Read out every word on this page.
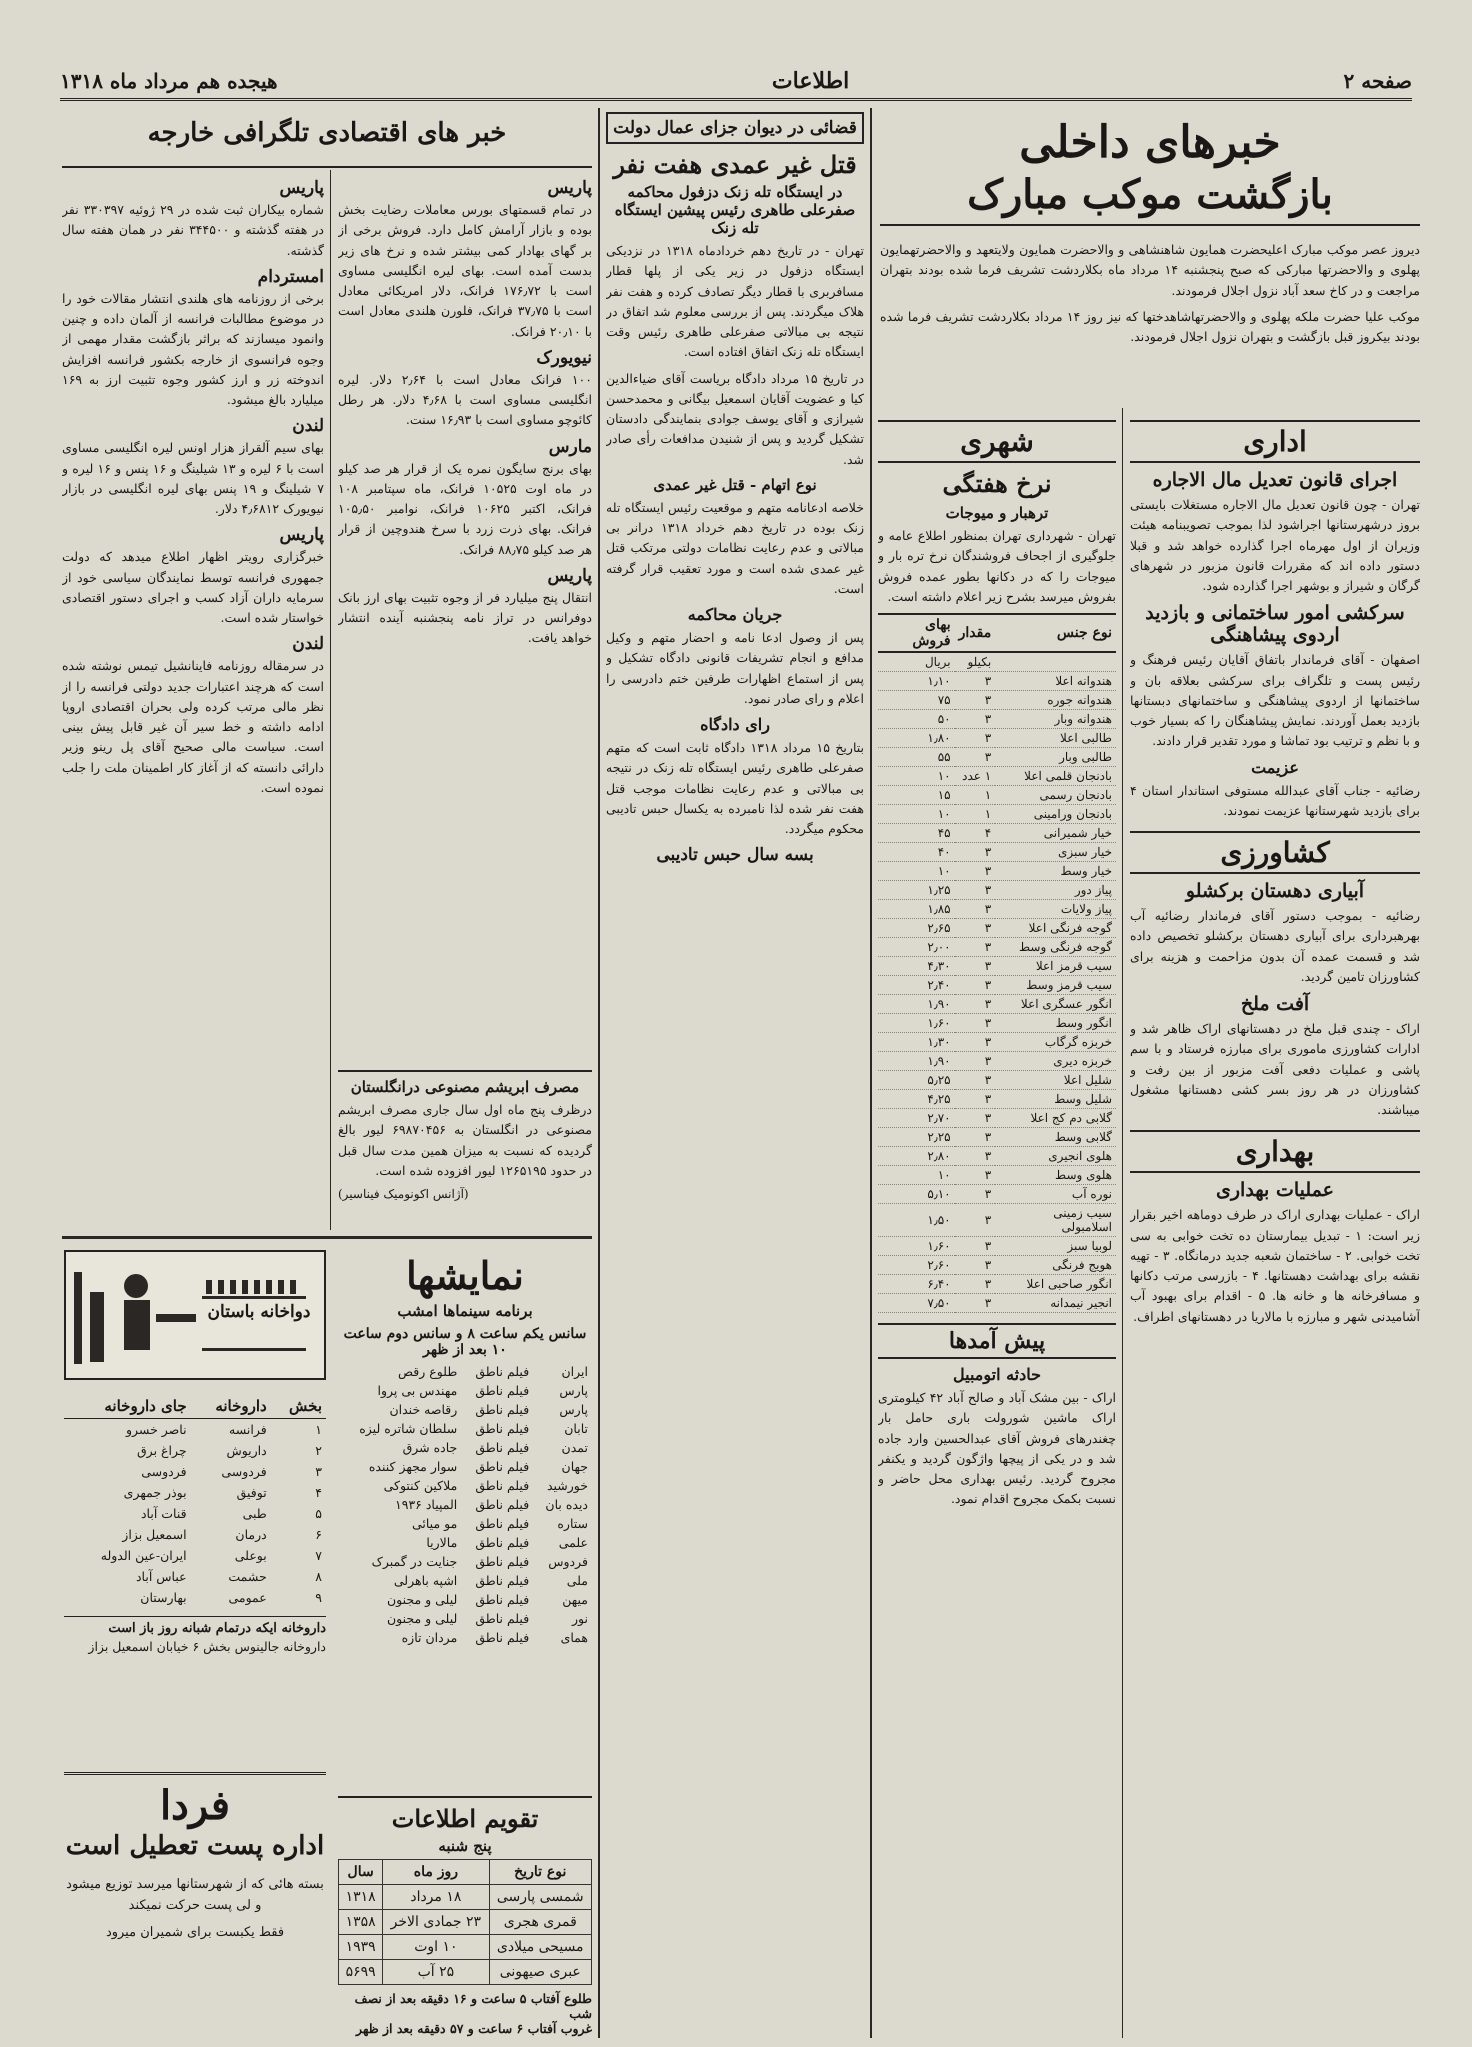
صفحه ۲
اطلاعات
هیجده هم مرداد ماه ۱۳۱۸
خبرهای داخلی
بازگشت موکب مبارک

دیروز عصر موکب مبارک اعلیحضرت همایون شاهنشاهی و والاحضرت همایون ولایتعهد و والاحضرتهمایون پهلوی و والاحضرتها مبارکی که صبح پنجشنبه ۱۴ مرداد ماه بکلاردشت تشریف فرما شده بودند بتهران مراجعت و در کاخ سعد آباد نزول اجلال فرمودند.

موکب علیا حضرت ملکه پهلوی و والاحضرتهاشاهدختها که نیز روز ۱۴ مرداد بکلاردشت تشریف فرما شده بودند بیکروز قبل بازگشت و بتهران نزول اجلال فرمودند.

اداری
اجرای قانون تعدیل مال الاجاره

تهران - چون قانون تعدیل مال الاجاره مستغلات بایستی بروز درشهرستانها اجراشود لذا بموجب تصویبنامه هیئت وزیران از اول مهرماه اجرا گذارده خواهد شد و قبلا دستور داده اند که مقررات قانون مزبور در شهرهای گرگان و شیراز و بوشهر اجرا گذارده شود.

سرکشی امور ساختمانی و بازدید اردوی پیشاهنگی

اصفهان - آقای فرماندار باتفاق آقایان رئیس فرهنگ و رئیس پست و تلگراف برای سرکشی بعلاقه بان و ساختمانها از اردوی پیشاهنگی و ساختمانهای دبستانها بازدید بعمل آوردند. نمایش پیشاهنگان را که بسیار خوب و با نظم و ترتیب بود تماشا و مورد تقدیر قرار دادند.

عزیمت

رضائیه - جناب آقای عبدالله مستوفی استاندار استان ۴ برای بازدید شهرستانها عزیمت نمودند.

کشاورزی
آبیاری دهستان برکشلو

رضائیه - بموجب دستور آقای فرماندار رضائیه آب بهرهبرداری برای آبیاری دهستان برکشلو تخصیص داده شد و قسمت عمده آن بدون مزاحمت و هزینه برای کشاورزان تامین گردید.

آفت ملخ

اراک - چندی قبل ملخ در دهستانهای اراک ظاهر شد و ادارات کشاورزی ماموری برای مبارزه فرستاد و با سم پاشی و عملیات دفعی آفت مزبور از بین رفت و کشاورزان در هر روز بسر کشی دهستانها مشغول میباشند.

بهداری
عملیات بهداری

اراک - عملیات بهداری اراک در طرف دوماهه اخیر بقرار زیر است: ۱ - تبدیل بیمارستان ده تخت خوابی به سی تخت خوابی. ۲ - ساختمان شعبه جدید درمانگاه. ۳ - تهیه نقشه برای بهداشت دهستانها. ۴ - بازرسی مرتب دکانها و مسافرخانه ها و خانه ها. ۵ - اقدام برای بهبود آب آشامیدنی شهر و مبارزه با مالاریا در دهستانهای اطراف.

شهری
نرخ هفتگی
ترهبار و میوجات

تهران - شهرداری تهران بمنظور اطلاع عامه و جلوگیری از اجحاف فروشندگان نرخ تره بار و میوجات را که در دکانها بطور عمده فروش بفروش میرسد بشرح زیر اعلام داشته است.

نوع جنس	مقدار	بهای فروش
	بکیلو	بریال
هندوانه اعلا	۳	۱٫۱۰
هندوانه جوره	۳	۷۵
هندوانه وبار	۳	۵۰
طالبی اعلا	۳	۱٫۸۰
طالبی وبار	۳	۵۵
بادنجان قلمی اعلا	۱ عدد	۱۰
بادنجان رسمی	۱	۱۵
بادنجان ورامینی	۱	۱۰
خیار شمیرانی	۴	۴۵
خیار سبزی	۳	۴۰
خیار وسط	۳	۱۰
پیاز دور	۳	۱٫۲۵
پیاز ولایات	۳	۱٫۸۵
گوجه فرنگی اعلا	۳	۲٫۶۵
گوجه فرنگی وسط	۳	۲٫۰۰
سیب قرمز اعلا	۳	۴٫۳۰
سیب قرمز وسط	۳	۲٫۴۰
انگور عسگری اعلا	۳	۱٫۹۰
انگور وسط	۳	۱٫۶۰
خربزه گرگاب	۳	۱٫۳۰
خربزه دیری	۳	۱٫۹۰
شلیل اعلا	۳	۵٫۲۵
شلیل وسط	۳	۴٫۲۵
گلابی دم کج اعلا	۳	۲٫۷۰
گلابی وسط	۳	۲٫۲۵
هلوی انجیری	۳	۲٫۸۰
هلوی وسط	۳	۱۰
نوره آب	۳	۵٫۱۰
سیب زمینی اسلامبولی	۳	۱٫۵۰
لوبیا سبز	۳	۱٫۶۰
هویج فرنگی	۳	۲٫۶۰
انگور صاحبی اعلا	۳	۶٫۴۰
انجیر نیمدانه	۳	۷٫۵۰
پیش آمدها
حادثه اتومبیل

اراک - بین مشک آباد و صالح آباد ۴۲ کیلومتری اراک ماشین شورولت باری حامل بار چغندرهای فروش آقای عبدالحسین وارد جاده شد و در یکی از پیچها واژگون گردید و یکنفر مجروح گردید. رئیس بهداری محل حاضر و نسبت بکمک مجروح اقدام نمود.

قضائی در دیوان جزای عمال دولت
قتل غیر عمدی هفت نفر
در ایستگاه تله زنک دزفول محاکمه صفرعلی طاهری رئیس پیشین ایستگاه تله زنک

تهران - در تاریخ دهم خردادماه ۱۳۱۸ در نزدیکی ایستگاه دزفول در زیر یکی از پلها قطار مسافربری با قطار دیگر تصادف کرده و هفت نفر هلاک میگردند. پس از بررسی معلوم شد اتفاق در نتیجه بی مبالاتی صفرعلی طاهری رئیس وقت ایستگاه تله زنک اتفاق افتاده است.

در تاریخ ۱۵ مرداد دادگاه بریاست آقای ضیاءالدین کیا و عضویت آقایان اسمعیل بیگانی و محمدحسن شیرازی و آقای یوسف جوادی بنمایندگی دادستان تشکیل گردید و پس از شنیدن مدافعات رأی صادر شد.

نوع اتهام - قتل غیر عمدی

خلاصه ادعانامه متهم و موقعیت رئیس ایستگاه تله زنک بوده در تاریخ دهم خرداد ۱۳۱۸ درانر بی مبالاتی و عدم رعایت نظامات دولتی مرتکب قتل غیر عمدی شده است و مورد تعقیب قرار گرفته است.

جریان محاکمه

پس از وصول ادعا نامه و احضار متهم و وکیل مدافع و انجام تشریفات قانونی دادگاه تشکیل و پس از استماع اظهارات طرفین ختم دادرسی را اعلام و رای صادر نمود.

رای دادگاه

بتاریخ ۱۵ مرداد ۱۳۱۸ دادگاه ثابت است که متهم صفرعلی طاهری رئیس ایستگاه تله زنک در نتیجه بی مبالاتی و عدم رعایت نظامات موجب قتل هفت نفر شده لذا نامبرده به یکسال حبس تادیبی محکوم میگردد.

بسه سال حبس تادیبی
خبر های اقتصادی تلگرافی خارجه
پاریس

شماره بیکاران ثبت شده در ۲۹ ژوئیه ۳۳۰۳۹۷ نفر در هفته گذشته و ۳۴۴۵۰۰ نفر در همان هفته سال گذشته.

امستردام

برخی از روزنامه های هلندی انتشار مقالات خود را در موضوع مطالبات فرانسه از آلمان داده و چنین وانمود میسازند که براثر بازگشت مقدار مهمی از وجوه فرانسوی از خارجه بکشور فرانسه افزایش اندوخته زر و ارز کشور وجوه تثبیت ارز به ۱۶۹ میلیارد بالغ میشود.

لندن

بهای سیم آلقراز هزار اونس لیره انگلیسی مساوی است با ۶ لیره و ۱۳ شیلینگ و ۱۶ پنس و ۱۶ لیره و ۷ شیلینگ و ۱۹ پنس بهای لیره انگلیسی در بازار نیویورک ۴٫۶۸۱۲ دلار.

پاریس

خبرگزاری رویتر اظهار اطلاع میدهد که دولت جمهوری فرانسه توسط نمایندگان سیاسی خود از سرمایه داران آزاد کسب و اجرای دستور اقتصادی خواستار شده است.

لندن

در سرمقاله روزنامه فاینانشیل تیمس نوشته شده است که هرچند اعتبارات جدید دولتی فرانسه را از نظر مالی مرتب کرده ولی بحران اقتصادی اروپا ادامه داشته و خط سیر آن غیر قابل پیش بینی است. سیاست مالی صحیح آقای پل رینو وزیر دارائی دانسته که از آغاز کار اطمینان ملت را جلب نموده است.

پاریس

در تمام قسمتهای بورس معاملات رضایت بخش بوده و بازار آرامش کامل دارد. فروش برخی از بر گهای بهادار کمی بیشتر شده و نرخ های زیر بدست آمده است. بهای لیره انگلیسی مساوی است با ۱۷۶٫۷۲ فرانک، دلار امریکائی معادل است با ۳۷٫۷۵ فرانک، فلورن هلندی معادل است با ۲۰٫۱۰ فرانک.

نیویورک

۱۰۰ فرانک معادل است با ۲٫۶۴ دلار. لیره انگلیسی مساوی است با ۴٫۶۸ دلار. هر رطل کائوچو مساوی است با ۱۶٫۹۳ سنت.

مارس

بهای برنج سایگون نمره یک از قرار هر صد کیلو در ماه اوت ۱۰۵۲۵ فرانک، ماه سپتامبر ۱۰۸ فرانک، اکتبر ۱۰۶۲۵ فرانک، نوامبر ۱۰۵٫۵۰ فرانک. بهای ذرت زرد با سرخ هندوچین از قرار هر صد کیلو ۸۸٫۷۵ فرانک.

پاریس

انتقال پنج میلیارد فر از وجوه تثبیت بهای ارز بانک دوفرانس در تراز نامه پنجشنبه آینده انتشار خواهد یافت.

مصرف ابریشم مصنوعی درانگلستان

درظرف پنج ماه اول سال جاری مصرف ابریشم مصنوعی در انگلستان به ۶۹۸۷۰۴۵۶ لیور بالغ گردیده که نسبت به میزان همین مدت سال قبل در حدود ۱۲۶۵۱۹۵ لیور افزوده شده است.

(آژانس اکونومیک فیناسیر)
دواخانه باستان
بخش	داروخانه	جای داروخانه
۱	فرانسه	ناصر خسرو
۲	داریوش	چراغ برق
۳	فردوسی	فردوسی
۴	توفیق	بوذر جمهری
۵	طبی	قنات آباد
۶	درمان	اسمعیل بزاز
۷	بوعلی	ایران-عین الدوله
۸	حشمت	عباس آباد
۹	عمومی	بهارستان
داروخانه ایکه درتمام شبانه روز باز است
داروخانه جالینوس بخش ۶ خیابان اسمعیل بزاز
نمایشها
برنامه سینماها امشب
سانس یکم ساعت ۸ و سانس دوم ساعت ۱۰ بعد از ظهر
ایران	فیلم ناطق	طلوع رقص
پارس	فیلم ناطق	مهندس بی پروا
پارس	فیلم ناطق	رقاصه خندان
تابان	فیلم ناطق	سلطان شاتره لیزه
تمدن	فیلم ناطق	جاده شرق
جهان	فیلم ناطق	سوار مجهز کننده
خورشید	فیلم ناطق	ملاکین کنتوکی
دیده بان	فیلم ناطق	المپیاد ۱۹۳۶
ستاره	فیلم ناطق	مو میائی
علمی	فیلم ناطق	مالاریا
فردوس	فیلم ناطق	جنایت در گمبرک
ملی	فیلم ناطق	اشپه باهرلی
میهن	فیلم ناطق	لیلی و مجنون
نور	فیلم ناطق	لیلی و مجنون
همای	فیلم ناطق	مردان تازه
تقویم اطلاعات
پنج شنبه
نوع تاریخ	روز ماه	سال
شمسی پارسی	۱۸ مرداد	۱۳۱۸
قمری هجری	۲۳ جمادی الاخر	۱۳۵۸
مسیحی میلادی	۱۰ اوت	۱۹۳۹
عبری صیهونی	۲۵ آب	۵۶۹۹
طلوع آفتاب ۵ ساعت و ۱۶ دقیقه بعد از نصف شب
غروب آفتاب ۶ ساعت و ۵۷ دقیقه بعد از ظهر
فردا
اداره پست تعطیل است

بسته هائی که از شهرستانها میرسد توزیع میشود و لی پست حرکت نمیکند

فقط یکبست برای شمیران میرود
